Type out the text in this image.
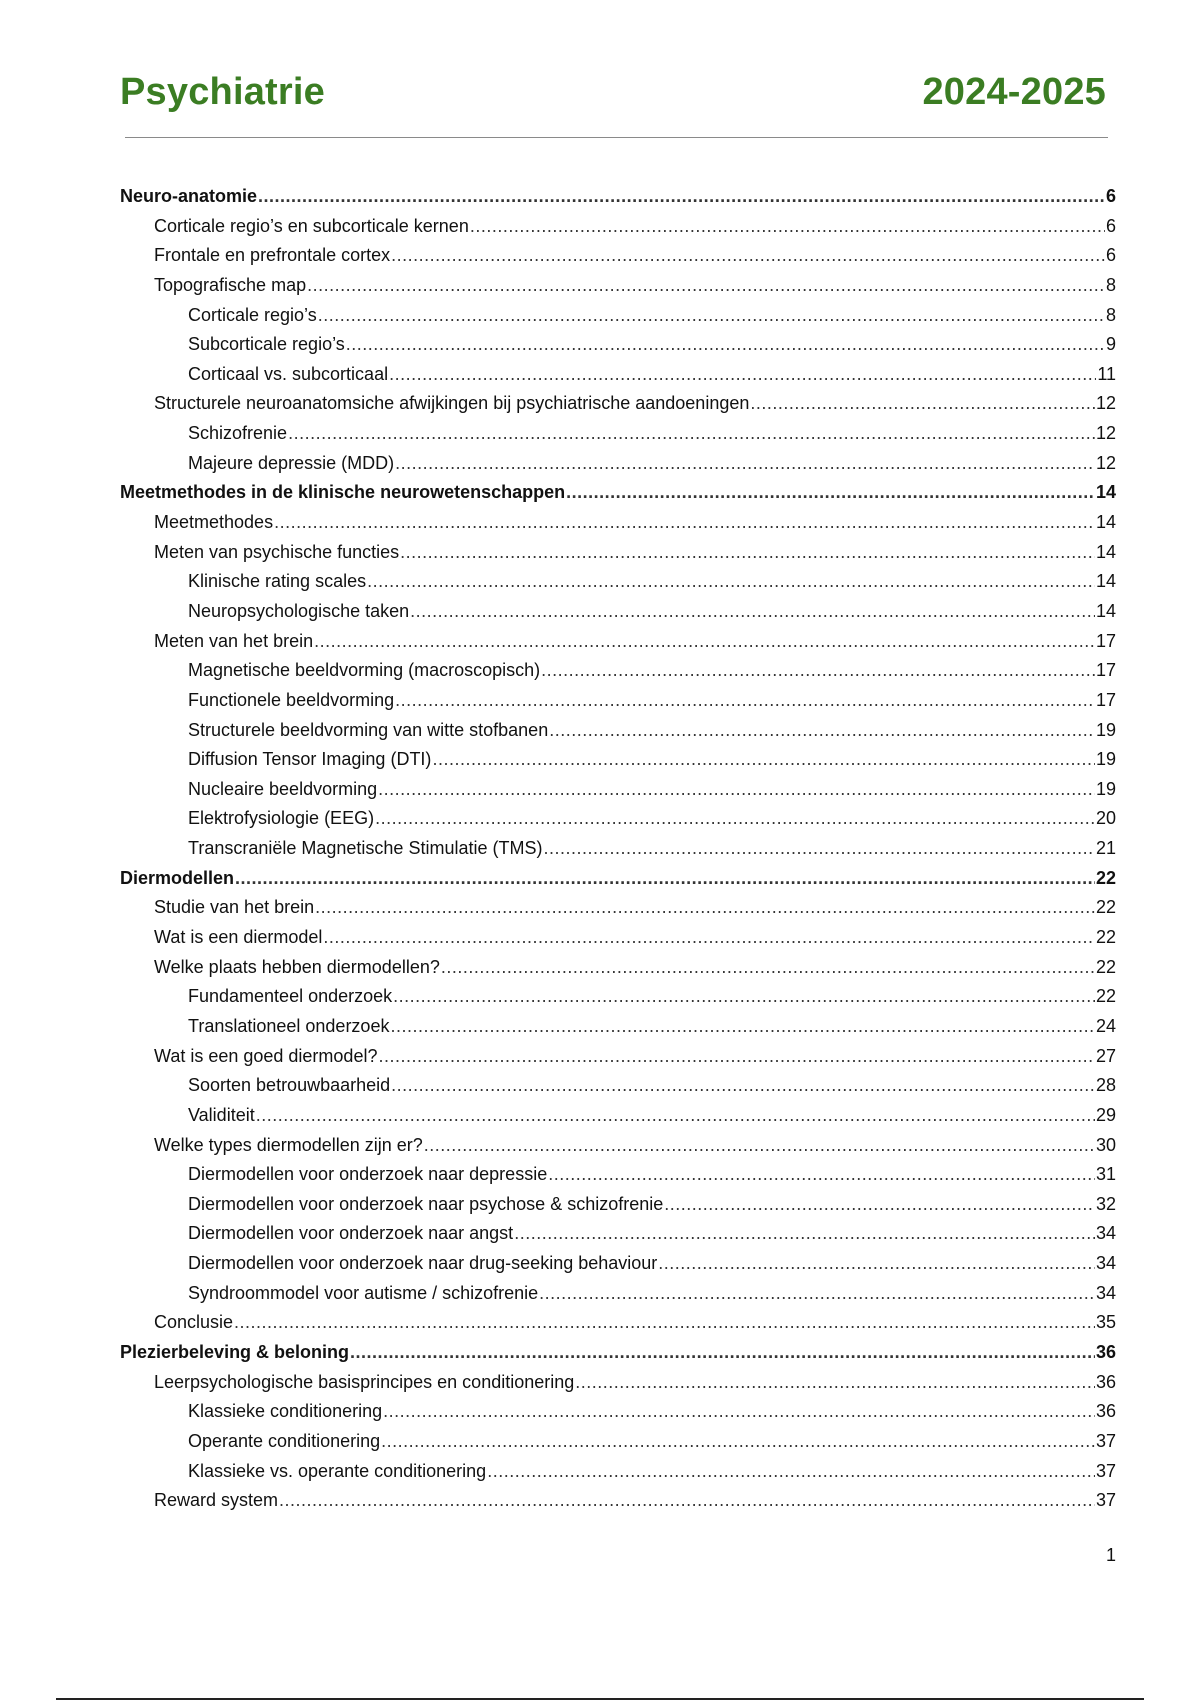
Psychiatrie	2024-2025
Neuro-anatomie .....	6
Corticale regio’s en subcorticale kernen .....	6
Frontale en prefrontale cortex .....	6
Topografische map .....	8
Corticale regio’s .....	8
Subcorticale regio’s .....	9
Corticaal vs. subcorticaal .....	11
Structurele neuroanatomsiche afwijkingen bij psychiatrische aandoeningen .....	12
Schizofrenie .....	12
Majeure depressie (MDD) .....	12
Meetmethodes in de klinische neurowetenschappen .....	14
Meetmethodes .....	14
Meten van psychische functies .....	14
Klinische rating scales .....	14
Neuropsychologische taken .....	14
Meten van het brein .....	17
Magnetische beeldvorming (macroscopisch) .....	17
Functionele beeldvorming .....	17
Structurele beeldvorming van witte stofbanen .....	19
Diffusion Tensor Imaging (DTI) .....	19
Nucleaire beeldvorming .....	19
Elektrofysiologie (EEG) .....	20
Transcraniële Magnetische Stimulatie (TMS) .....	21
Diermodellen .....	22
Studie van het brein .....	22
Wat is een diermodel .....	22
Welke plaats hebben diermodellen? .....	22
Fundamenteel onderzoek .....	22
Translationeel onderzoek .....	24
Wat is een goed diermodel? .....	27
Soorten betrouwbaarheid .....	28
Validiteit .....	29
Welke types diermodellen zijn er? .....	30
Diermodellen voor onderzoek naar depressie .....	31
Diermodellen voor onderzoek naar psychose & schizofrenie .....	32
Diermodellen voor onderzoek naar angst .....	34
Diermodellen voor onderzoek naar drug-seeking behaviour .....	34
Syndroommodel voor autisme / schizofrenie .....	34
Conclusie .....	35
Plezierbeleving & beloning .....	36
Leerpsychologische basisprincipes en conditionering .....	36
Klassieke conditionering .....	36
Operante conditionering .....	37
Klassieke vs. operante conditionering .....	37
Reward system .....	37
1
